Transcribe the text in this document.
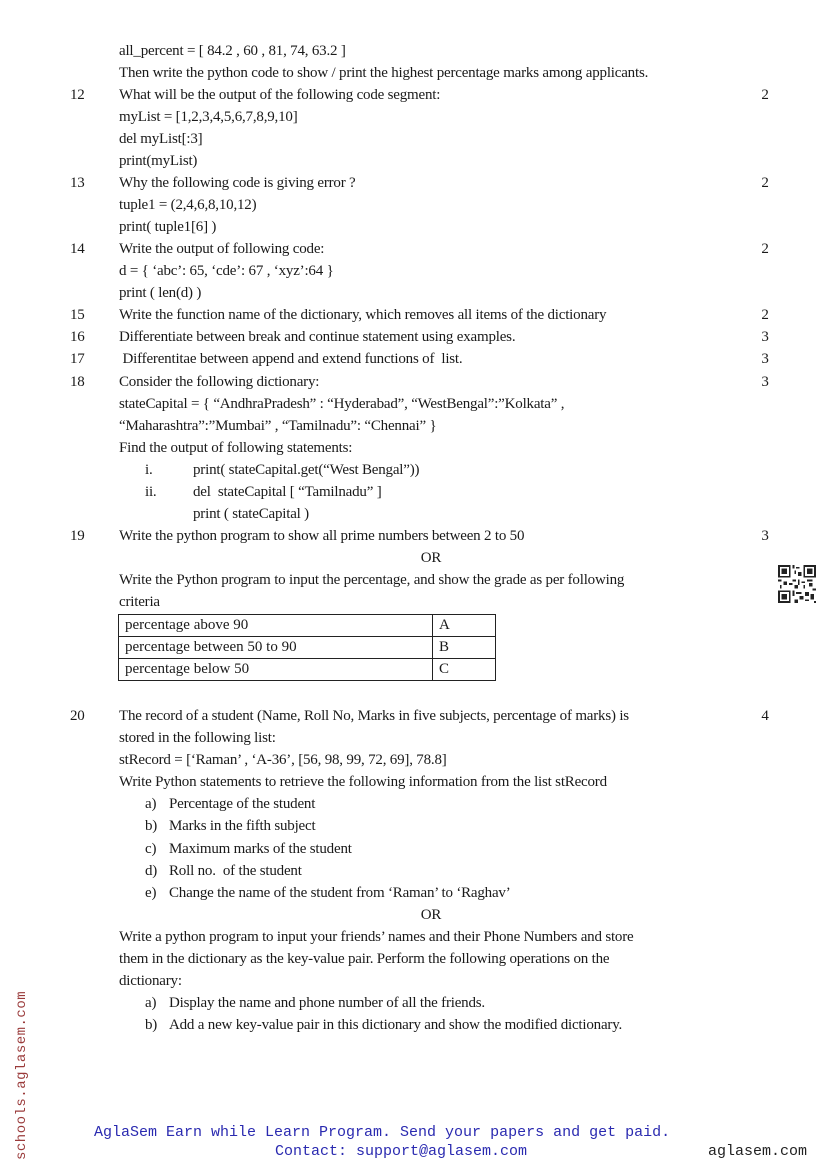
all_percent = [ 84.2 , 60 , 81, 74, 63.2 ]
Then write the python code to show / print the highest percentage marks among applicants.
12	What will be the output of the following code segment:	2
myList = [1,2,3,4,5,6,7,8,9,10]
del myList[:3]
print(myList)
13	Why the following code is giving error ?	2
tuple1 = (2,4,6,8,10,12)
print( tuple1[6] )
14	Write the output of following code:	2
d = { ‘abc’: 65, ‘cde’: 67 , ‘xyz’:64 }
print ( len(d) )
15	Write the function name of the dictionary, which removes all items of the dictionary	2
16	Differentiate between break and continue statement using examples.	3
17	Differentitae between append and extend functions of  list.	3
18	Consider the following dictionary:	3
stateCapital = { “AndhraPradesh” : “Hyderabad”, “WestBengal”:”Kolkata” ,
“Maharashtra”:”Mumbai” , “Tamilnadu”: “Chennai” }
Find the output of following statements:
i.	print( stateCapital.get(“West Bengal”))
ii. del  stateCapital [ “Tamilnadu” ]
print ( stateCapital )
19	Write the python program to show all prime numbers between 2 to 50	3
OR
Write the Python program to input the percentage, and show the grade as per following
criteria
percentage above 90	A
percentage between 50 to 90	B
percentage below 50	C
20	The record of a student (Name, Roll No, Marks in five subjects, percentage of marks) is	4
stored in the following list:
stRecord = [‘Raman’ , ‘A-36’, [56, 98, 99, 72, 69], 78.8]
Write Python statements to retrieve the following information from the list stRecord
a) Percentage of the student
b) Marks in the fifth subject
c) Maximum marks of the student
d) Roll no.  of the student
e) Change the name of the student from ‘Raman’ to ‘Raghav’
OR
Write a python program to input your friends’ names and their Phone Numbers and store
them in the dictionary as the key-value pair. Perform the following operations on the
dictionary:
a) Display the name and phone number of all the friends.
b) Add a new key-value pair in this dictionary and show the modified dictionary.
schools.aglasem.com	AglaSem Earn while Learn Program. Send your papers and get paid.
Contact: support@aglasem.com	aglasem.com
